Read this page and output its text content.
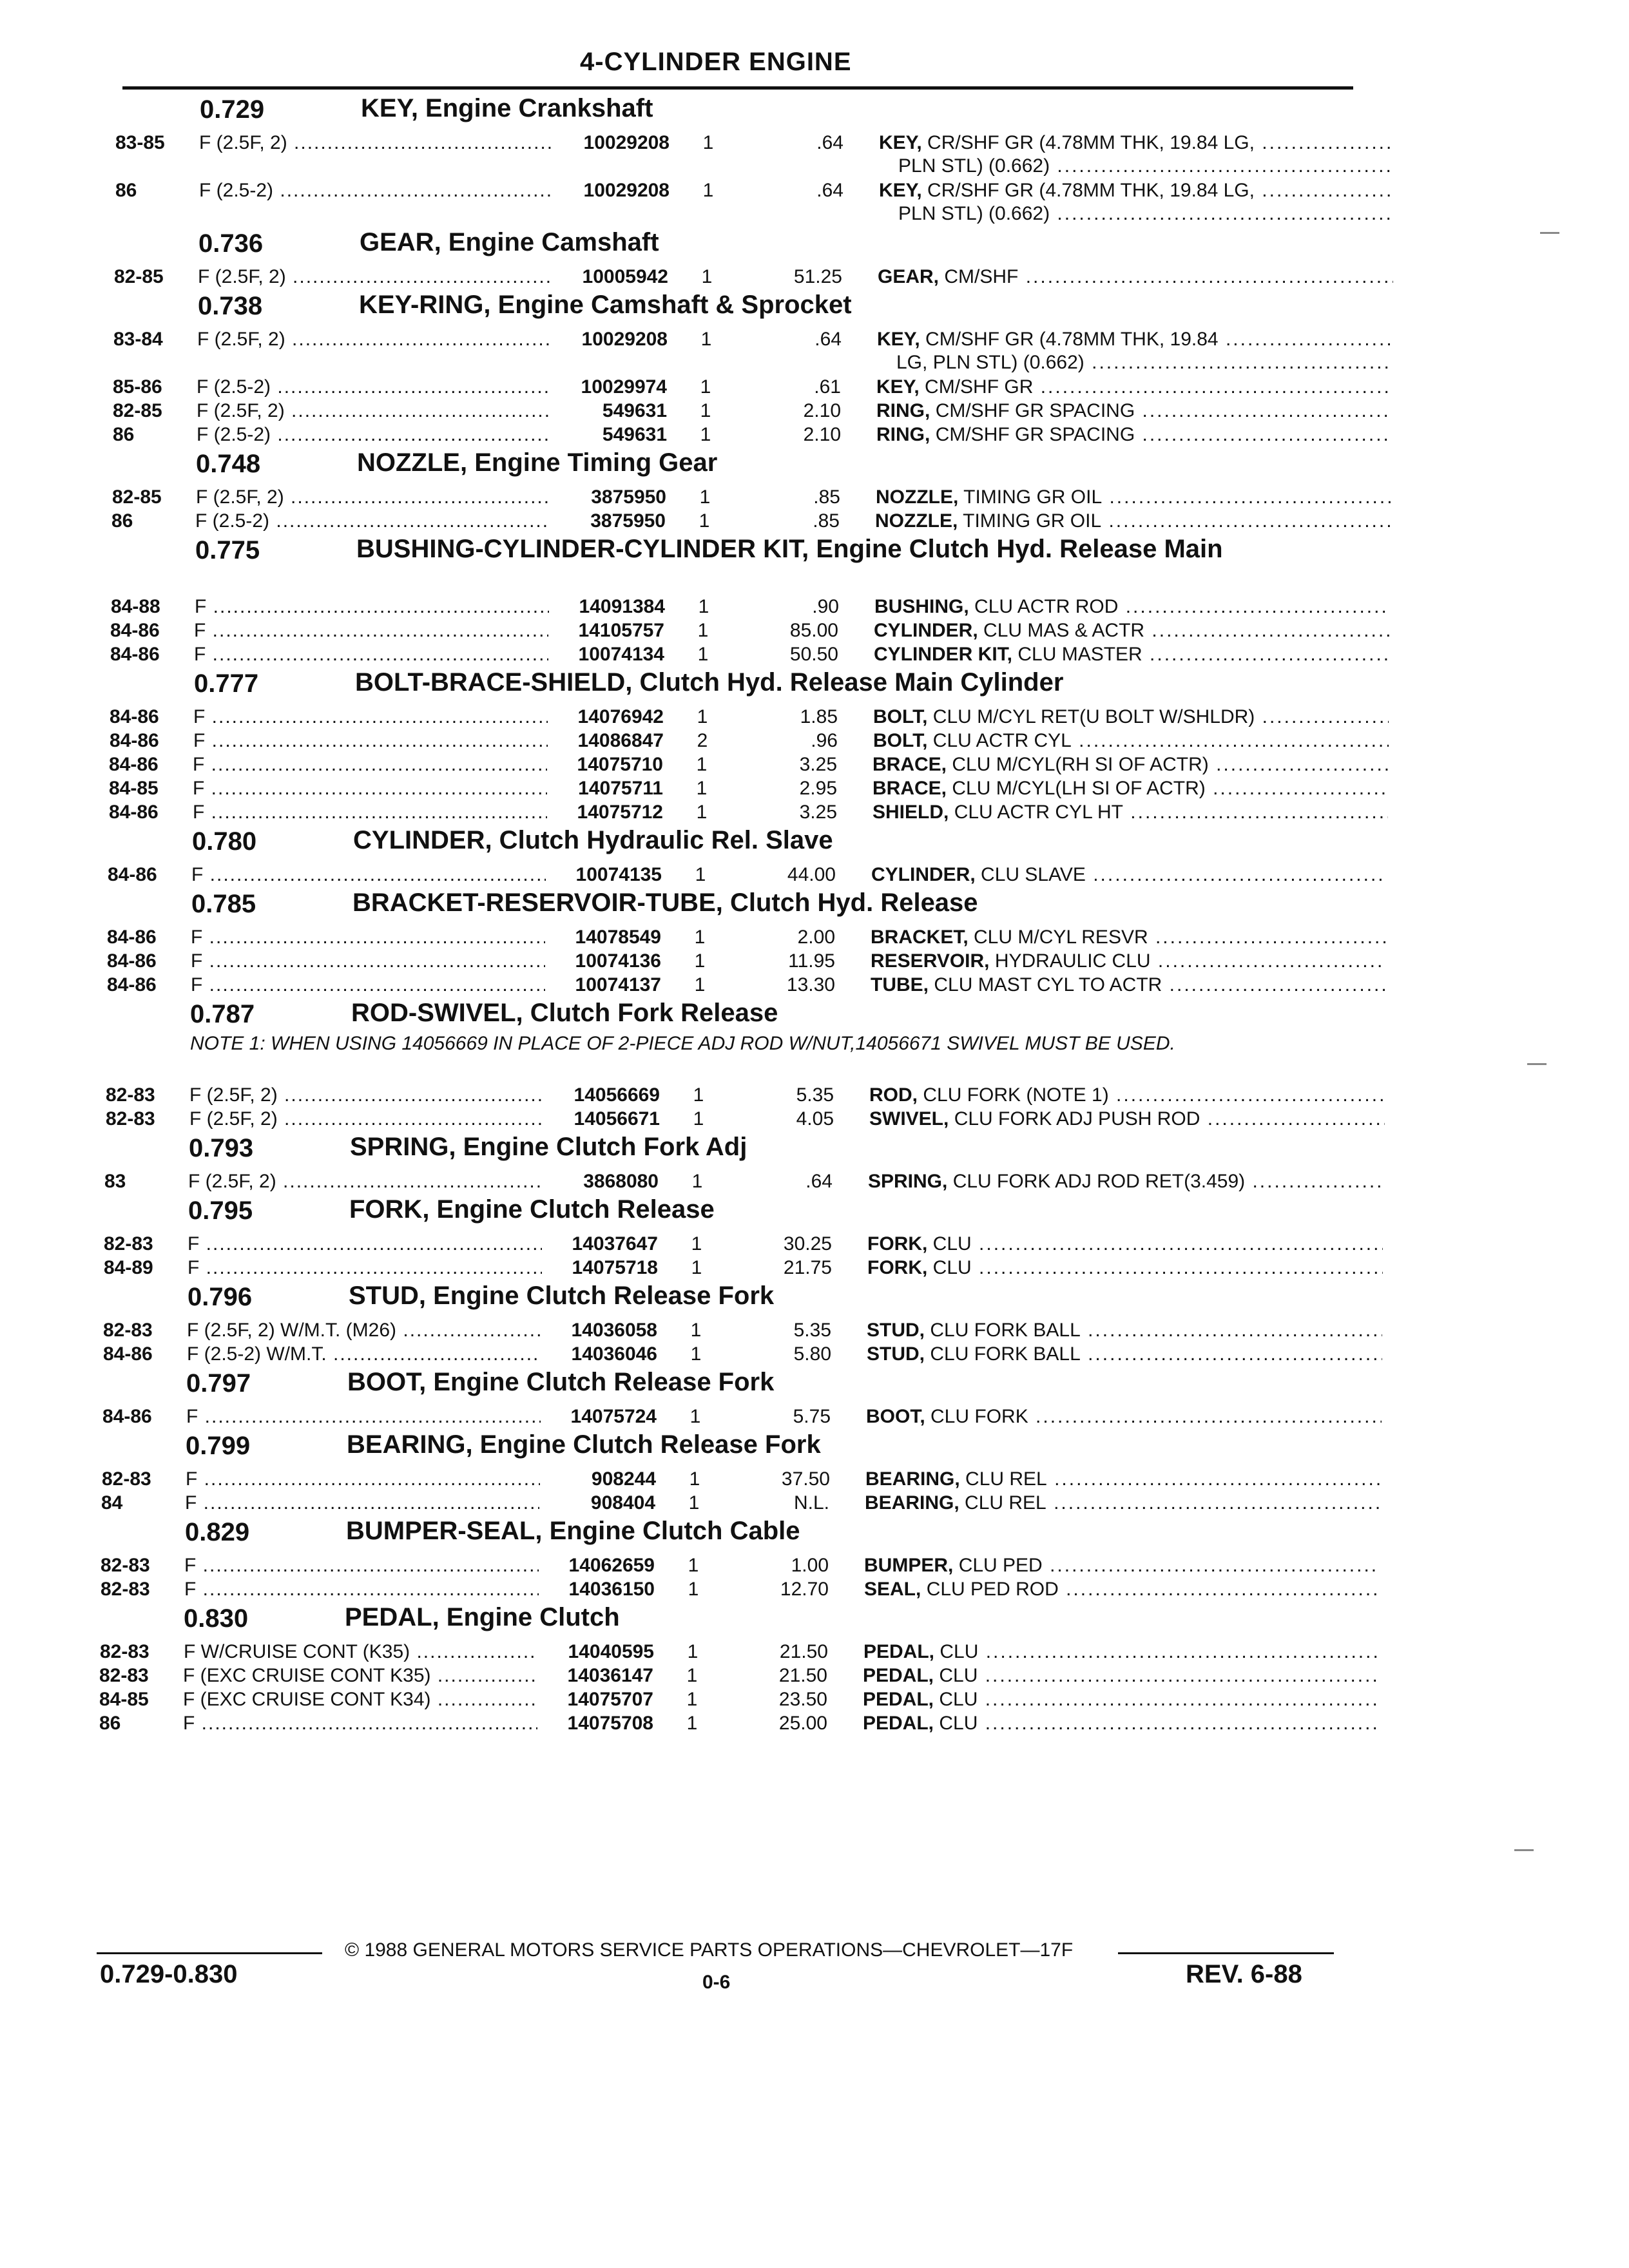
4-CYLINDER ENGINE
0.729	KEY, Engine Crankshaft
83-85	F (2.5F, 2) .....	10029208	1	.64 KEY, CR/SHF GR (4.78MM THK, 19.84 LG, .....
PLN STL) (0.662) .....
86	F (2.5-2) .....	10029208	1	.64 KEY, CR/SHF GR (4.78MM THK, 19.84 LG, .....
PLN STL) (0.662) .....
0.736	GEAR, Engine Camshaft
82-85	F (2.5F, 2) .....	10005942	1	51.25 GEAR, CM/SHF .....
0.738	KEY-RING, Engine Camshaft & Sprocket
83-84	F (2.5F, 2) .....	10029208	1	.64 KEY, CM/SHF GR (4.78MM THK, 19.84 .....
LG, PLN STL) (0.662) .....
85-86	F (2.5-2) .....	10029974	1	.61 KEY, CM/SHF GR .....
82-85	F (2.5F, 2) .....	549631	1	2.10 RING, CM/SHF GR SPACING .....
86	F (2.5-2) .....	549631	1	2.10 RING, CM/SHF GR SPACING .....
0.748	NOZZLE, Engine Timing Gear
82-85	F (2.5F, 2) .....	3875950	1	.85 NOZZLE, TIMING GR OIL .....
86	F (2.5-2) .....	3875950	1	.85 NOZZLE, TIMING GR OIL .....
0.775	BUSHING-CYLINDER-CYLINDER KIT, Engine Clutch Hyd. Release Main
84-88	F .....	14091384	1	.90 BUSHING, CLU ACTR ROD .....
84-86	F .....	14105757	1	85.00 CYLINDER, CLU MAS & ACTR .....
84-86	F .....	10074134	1	50.50 CYLINDER KIT, CLU MASTER .....
0.777	BOLT-BRACE-SHIELD, Clutch Hyd. Release Main Cylinder
84-86	F .....	14076942	1	1.85 BOLT, CLU M/CYL RET(U BOLT W/SHLDR) .....
84-86	F .....	14086847	2	.96 BOLT, CLU ACTR CYL .....
84-86	F .....	14075710	1	3.25 BRACE, CLU M/CYL(RH SI OF ACTR) .....
84-85	F .....	14075711	1	2.95 BRACE, CLU M/CYL(LH SI OF ACTR) .....
84-86	F .....	14075712	1	3.25 SHIELD, CLU ACTR CYL HT .....
0.780	CYLINDER, Clutch Hydraulic Rel. Slave
84-86	F .....	10074135	1	44.00 CYLINDER, CLU SLAVE .....
0.785	BRACKET-RESERVOIR-TUBE, Clutch Hyd. Release
84-86	F .....	14078549	1	2.00 BRACKET, CLU M/CYL RESVR .....
84-86	F .....	10074136	1	11.95 RESERVOIR, HYDRAULIC CLU .....
84-86	F .....	10074137	1	13.30 TUBE, CLU MAST CYL TO ACTR .....
0.787	ROD-SWIVEL, Clutch Fork Release
NOTE 1: WHEN USING 14056669 IN PLACE OF 2-PIECE ADJ ROD W/NUT,14056671 SWIVEL MUST BE USED.
82-83	F (2.5F, 2) .....	14056669	1	5.35 ROD, CLU FORK (NOTE 1) .....
82-83	F (2.5F, 2) .....	14056671	1	4.05 SWIVEL, CLU FORK ADJ PUSH ROD .....
0.793	SPRING, Engine Clutch Fork Adj
83	F (2.5F, 2) .....	3868080	1	.64 SPRING, CLU FORK ADJ ROD RET(3.459) .....
0.795	FORK, Engine Clutch Release
82-83	F .....	14037647	1	30.25 FORK, CLU .....
84-89	F .....	14075718	1	21.75 FORK, CLU .....
0.796	STUD, Engine Clutch Release Fork
82-83	F (2.5F, 2) W/M.T. (M26) .....	14036058	1	5.35 STUD, CLU FORK BALL .....
84-86	F (2.5-2) W/M.T. .....	14036046	1	5.80 STUD, CLU FORK BALL .....
0.797	BOOT, Engine Clutch Release Fork
84-86	F .....	14075724	1	5.75 BOOT, CLU FORK .....
0.799	BEARING, Engine Clutch Release Fork
82-83	F .....	908244	1	37.50 BEARING, CLU REL .....
84	F .....	908404	1	N.L. BEARING, CLU REL .....
0.829	BUMPER-SEAL, Engine Clutch Cable
82-83	F .....	14062659	1	1.00 BUMPER, CLU PED .....
82-83	F .....	14036150	1	12.70 SEAL, CLU PED ROD .....
0.830	PEDAL, Engine Clutch
82-83	F W/CRUISE CONT (K35) .....	14040595	1	21.50 PEDAL, CLU .....
82-83	F (EXC CRUISE CONT K35) .....	14036147	1	21.50 PEDAL, CLU .....
84-85	F (EXC CRUISE CONT K34) .....	14075707	1	23.50 PEDAL, CLU .....
86	F .....	14075708	1	25.00 PEDAL, CLU .....
© 1988 GENERAL MOTORS SERVICE PARTS OPERATIONS—CHEVROLET—17F
0.729-0.830	0-6	REV. 6-88
